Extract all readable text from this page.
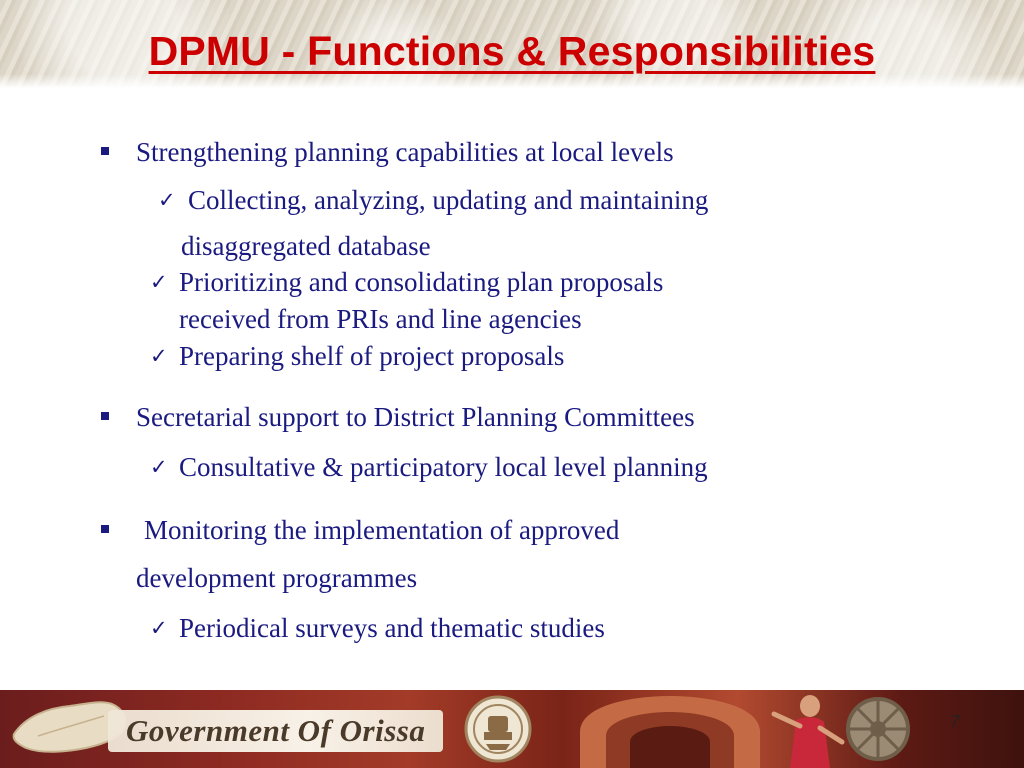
DPMU - Functions & Responsibilities
Strengthening planning capabilities at local levels
✓ Collecting, analyzing, updating and maintaining
disaggregated database
✓ Prioritizing and consolidating plan proposals
received from PRIs and line agencies
✓ Preparing shelf of project proposals
Secretarial support to District Planning Committees
✓ Consultative & participatory local level planning
Monitoring the implementation of approved
development programmes
✓ Periodical surveys and thematic studies
Government Of Orissa	7
